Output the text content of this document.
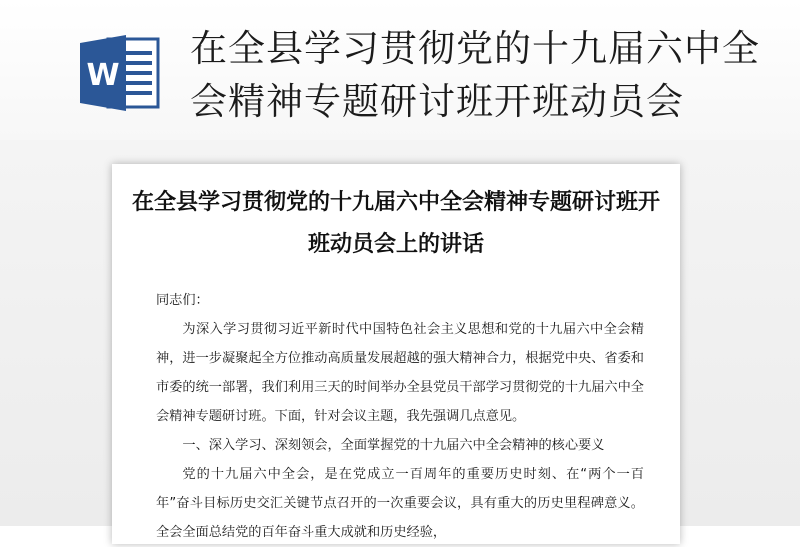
W
在全县学习贯彻党的十九届六中全会精神专题研讨班开班动员会
在全县学习贯彻党的十九届六中全会精神专题研讨班开班动员会上的讲话

同志们：

为深入学习贯彻习近平新时代中国特色社会主义思想和党的十九届六中全会精神，进一步凝聚起全方位推动高质量发展超越的强大精神合力，根据党中央、省委和市委的统一部署，我们利用三天的时间举办全县党员干部学习贯彻党的十九届六中全会精神专题研讨班。下面，针对会议主题，我先强调几点意见。

一、深入学习、深刻领会，全面掌握党的十九届六中全会精神的核心要义

党的十九届六中全会，是在党成立一百周年的重要历史时刻、在“两个一百年”奋斗目标历史交汇关键节点召开的一次重要会议，具有重大的历史里程碑意义。全会全面总结党的百年奋斗重大成就和历史经验，
